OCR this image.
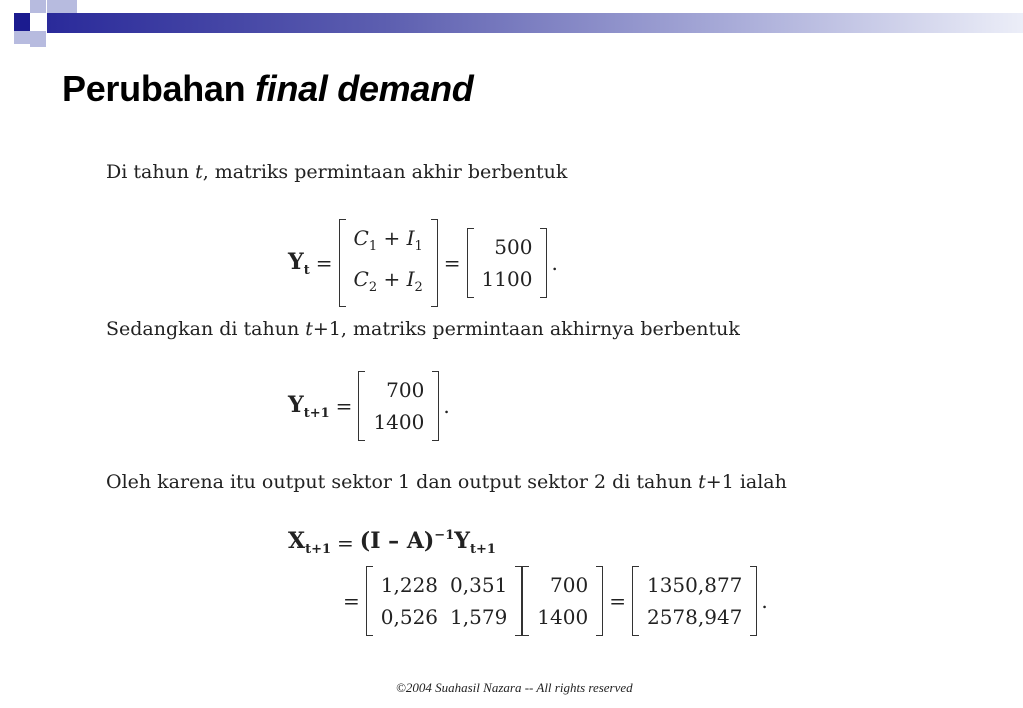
Perubahan final demand
Di tahun t, matriks permintaan akhir berbentuk
$Y_t$ =
$C_1 + I_1$
$C_2 + I_2$
=
500
1100
.
Sedangkan di tahun t+1, matriks permintaan akhirnya berbentuk
$Y_{t+1}$ =
700
1400
.
Oleh karena itu output sektor 1 dan output sektor 2 di tahun t+1 ialah
$X_{t+1} = (I - A)^{-1}Y_{t+1}$
=
1,228	0,351
0,526	1,579
700
1400
=
1350,877
2578,947
.
©2004 Suahasil Nazara -- All rights reserved
